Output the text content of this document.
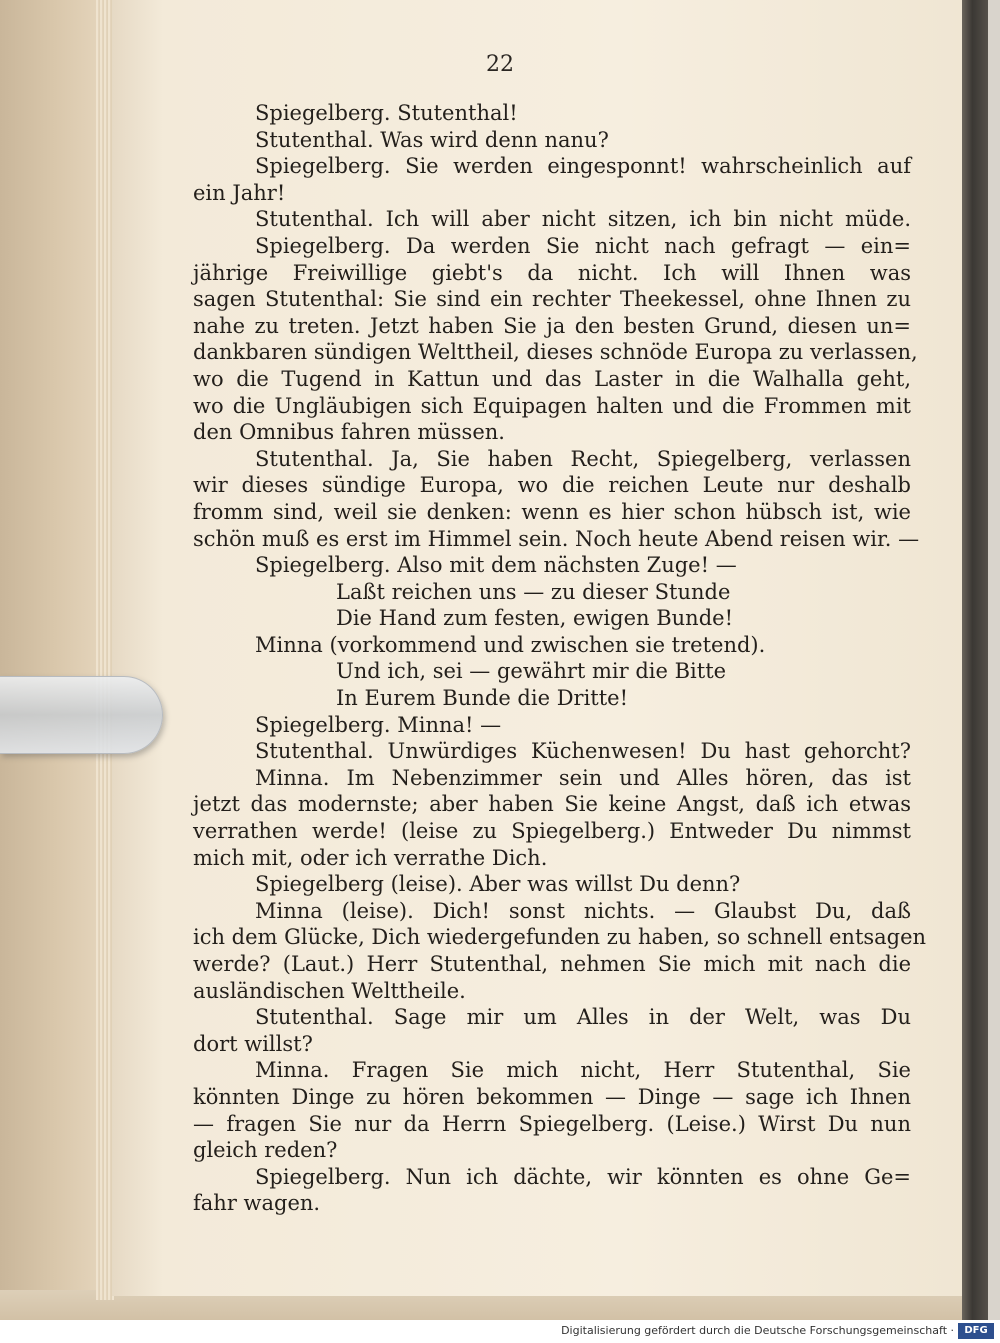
22
Spiegelberg. Stutenthal!
Stutenthal. Was wird denn nanu?
Spiegelberg. Sie werden eingesponnt! wahrscheinlich auf
ein Jahr!
Stutenthal. Ich will aber nicht sitzen, ich bin nicht müde.
Spiegelberg. Da werden Sie nicht nach gefragt — ein=
jährige Freiwillige giebt's da nicht. Ich will Ihnen was
sagen Stutenthal: Sie sind ein rechter Theekessel, ohne Ihnen zu
nahe zu treten. Jetzt haben Sie ja den besten Grund, diesen un=
dankbaren sündigen Welttheil, dieses schnöde Europa zu verlassen,
wo die Tugend in Kattun und das Laster in die Walhalla geht,
wo die Ungläubigen sich Equipagen halten und die Frommen mit
den Omnibus fahren müssen.
Stutenthal. Ja, Sie haben Recht, Spiegelberg, verlassen
wir dieses sündige Europa, wo die reichen Leute nur deshalb
fromm sind, weil sie denken: wenn es hier schon hübsch ist, wie
schön muß es erst im Himmel sein. Noch heute Abend reisen wir. —
Spiegelberg. Also mit dem nächsten Zuge! —
Laßt reichen uns — zu dieser Stunde
Die Hand zum festen, ewigen Bunde!
Minna (vorkommend und zwischen sie tretend).
Und ich, sei — gewährt mir die Bitte
In Eurem Bunde die Dritte!
Spiegelberg. Minna! —
Stutenthal. Unwürdiges Küchenwesen! Du hast gehorcht?
Minna. Im Nebenzimmer sein und Alles hören, das ist
jetzt das modernste; aber haben Sie keine Angst, daß ich etwas
verrathen werde! (leise zu Spiegelberg.) Entweder Du nimmst
mich mit, oder ich verrathe Dich.
Spiegelberg (leise). Aber was willst Du denn?
Minna (leise). Dich! sonst nichts. — Glaubst Du, daß
ich dem Glücke, Dich wiedergefunden zu haben, so schnell entsagen
werde? (Laut.) Herr Stutenthal, nehmen Sie mich mit nach die
ausländischen Welttheile.
Stutenthal. Sage mir um Alles in der Welt, was Du
dort willst?
Minna. Fragen Sie mich nicht, Herr Stutenthal, Sie
könnten Dinge zu hören bekommen — Dinge — sage ich Ihnen
— fragen Sie nur da Herrn Spiegelberg. (Leise.) Wirst Du nun
gleich reden?
Spiegelberg. Nun ich dächte, wir könnten es ohne Ge=
fahr wagen.
Digitalisierung gefördert durch die Deutsche Forschungsgemeinschaft ·	DFG
